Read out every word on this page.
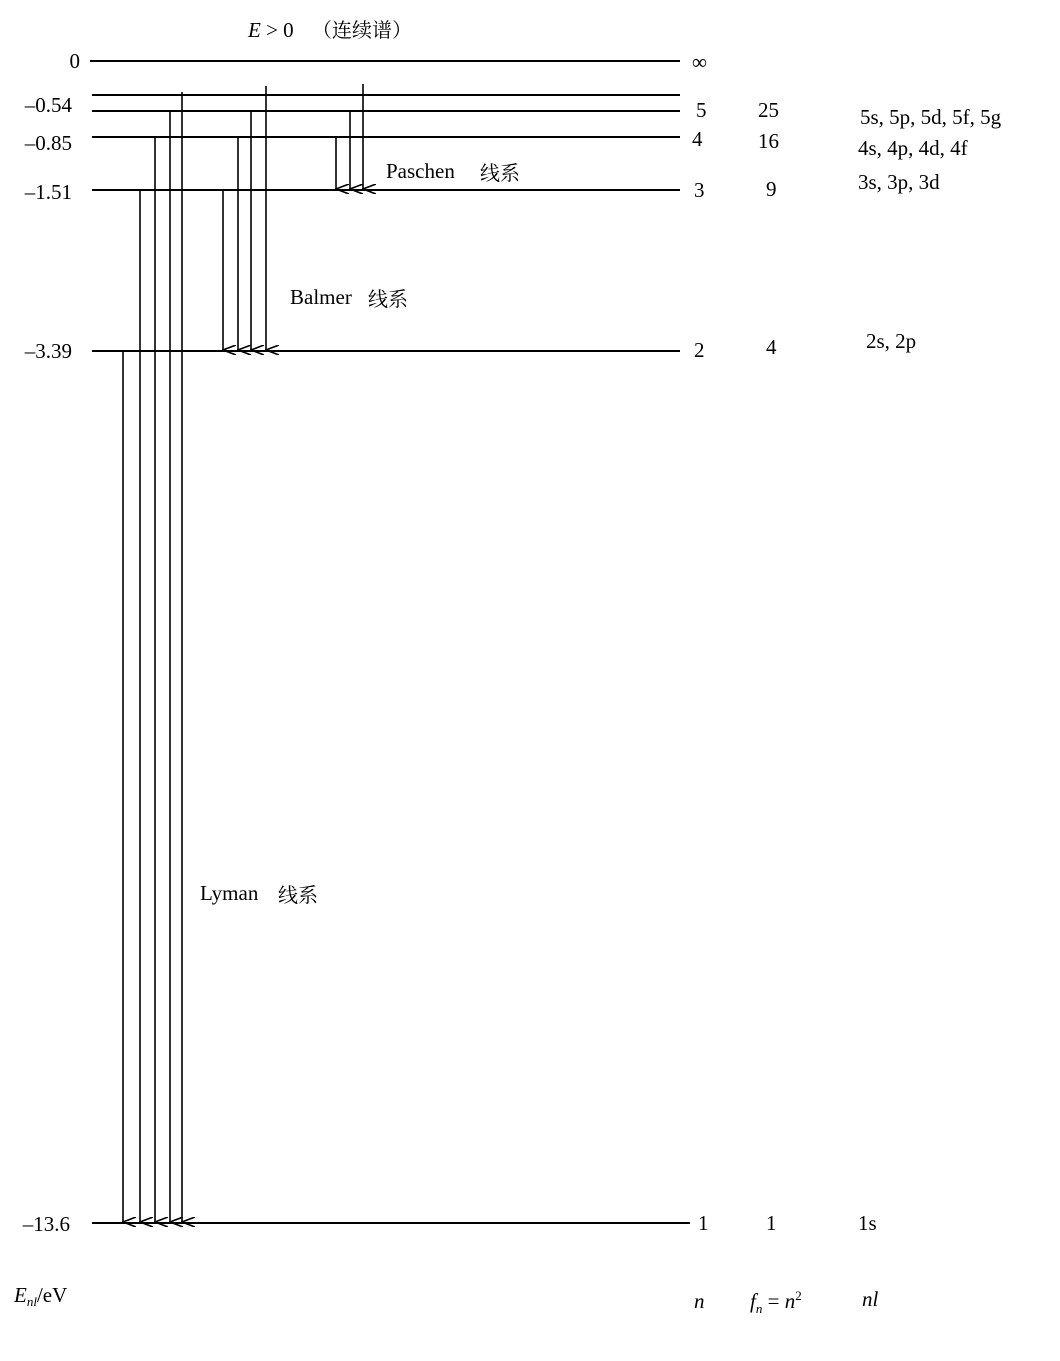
E > 0 （连续谱）
0
–0.54
–0.85
–1.51
–3.39
–13.6
∞
5
4
3
2
1
25
16
9
4
1
5s, 5p, 5d, 5f, 5g
4s, 4p, 4d, 4f
3s, 3p, 3d
2s, 2p
1s
Paschen 线系
Balmer 线系
Lyman 线系
Enl/eV	n $f_n = n^2$	nl
